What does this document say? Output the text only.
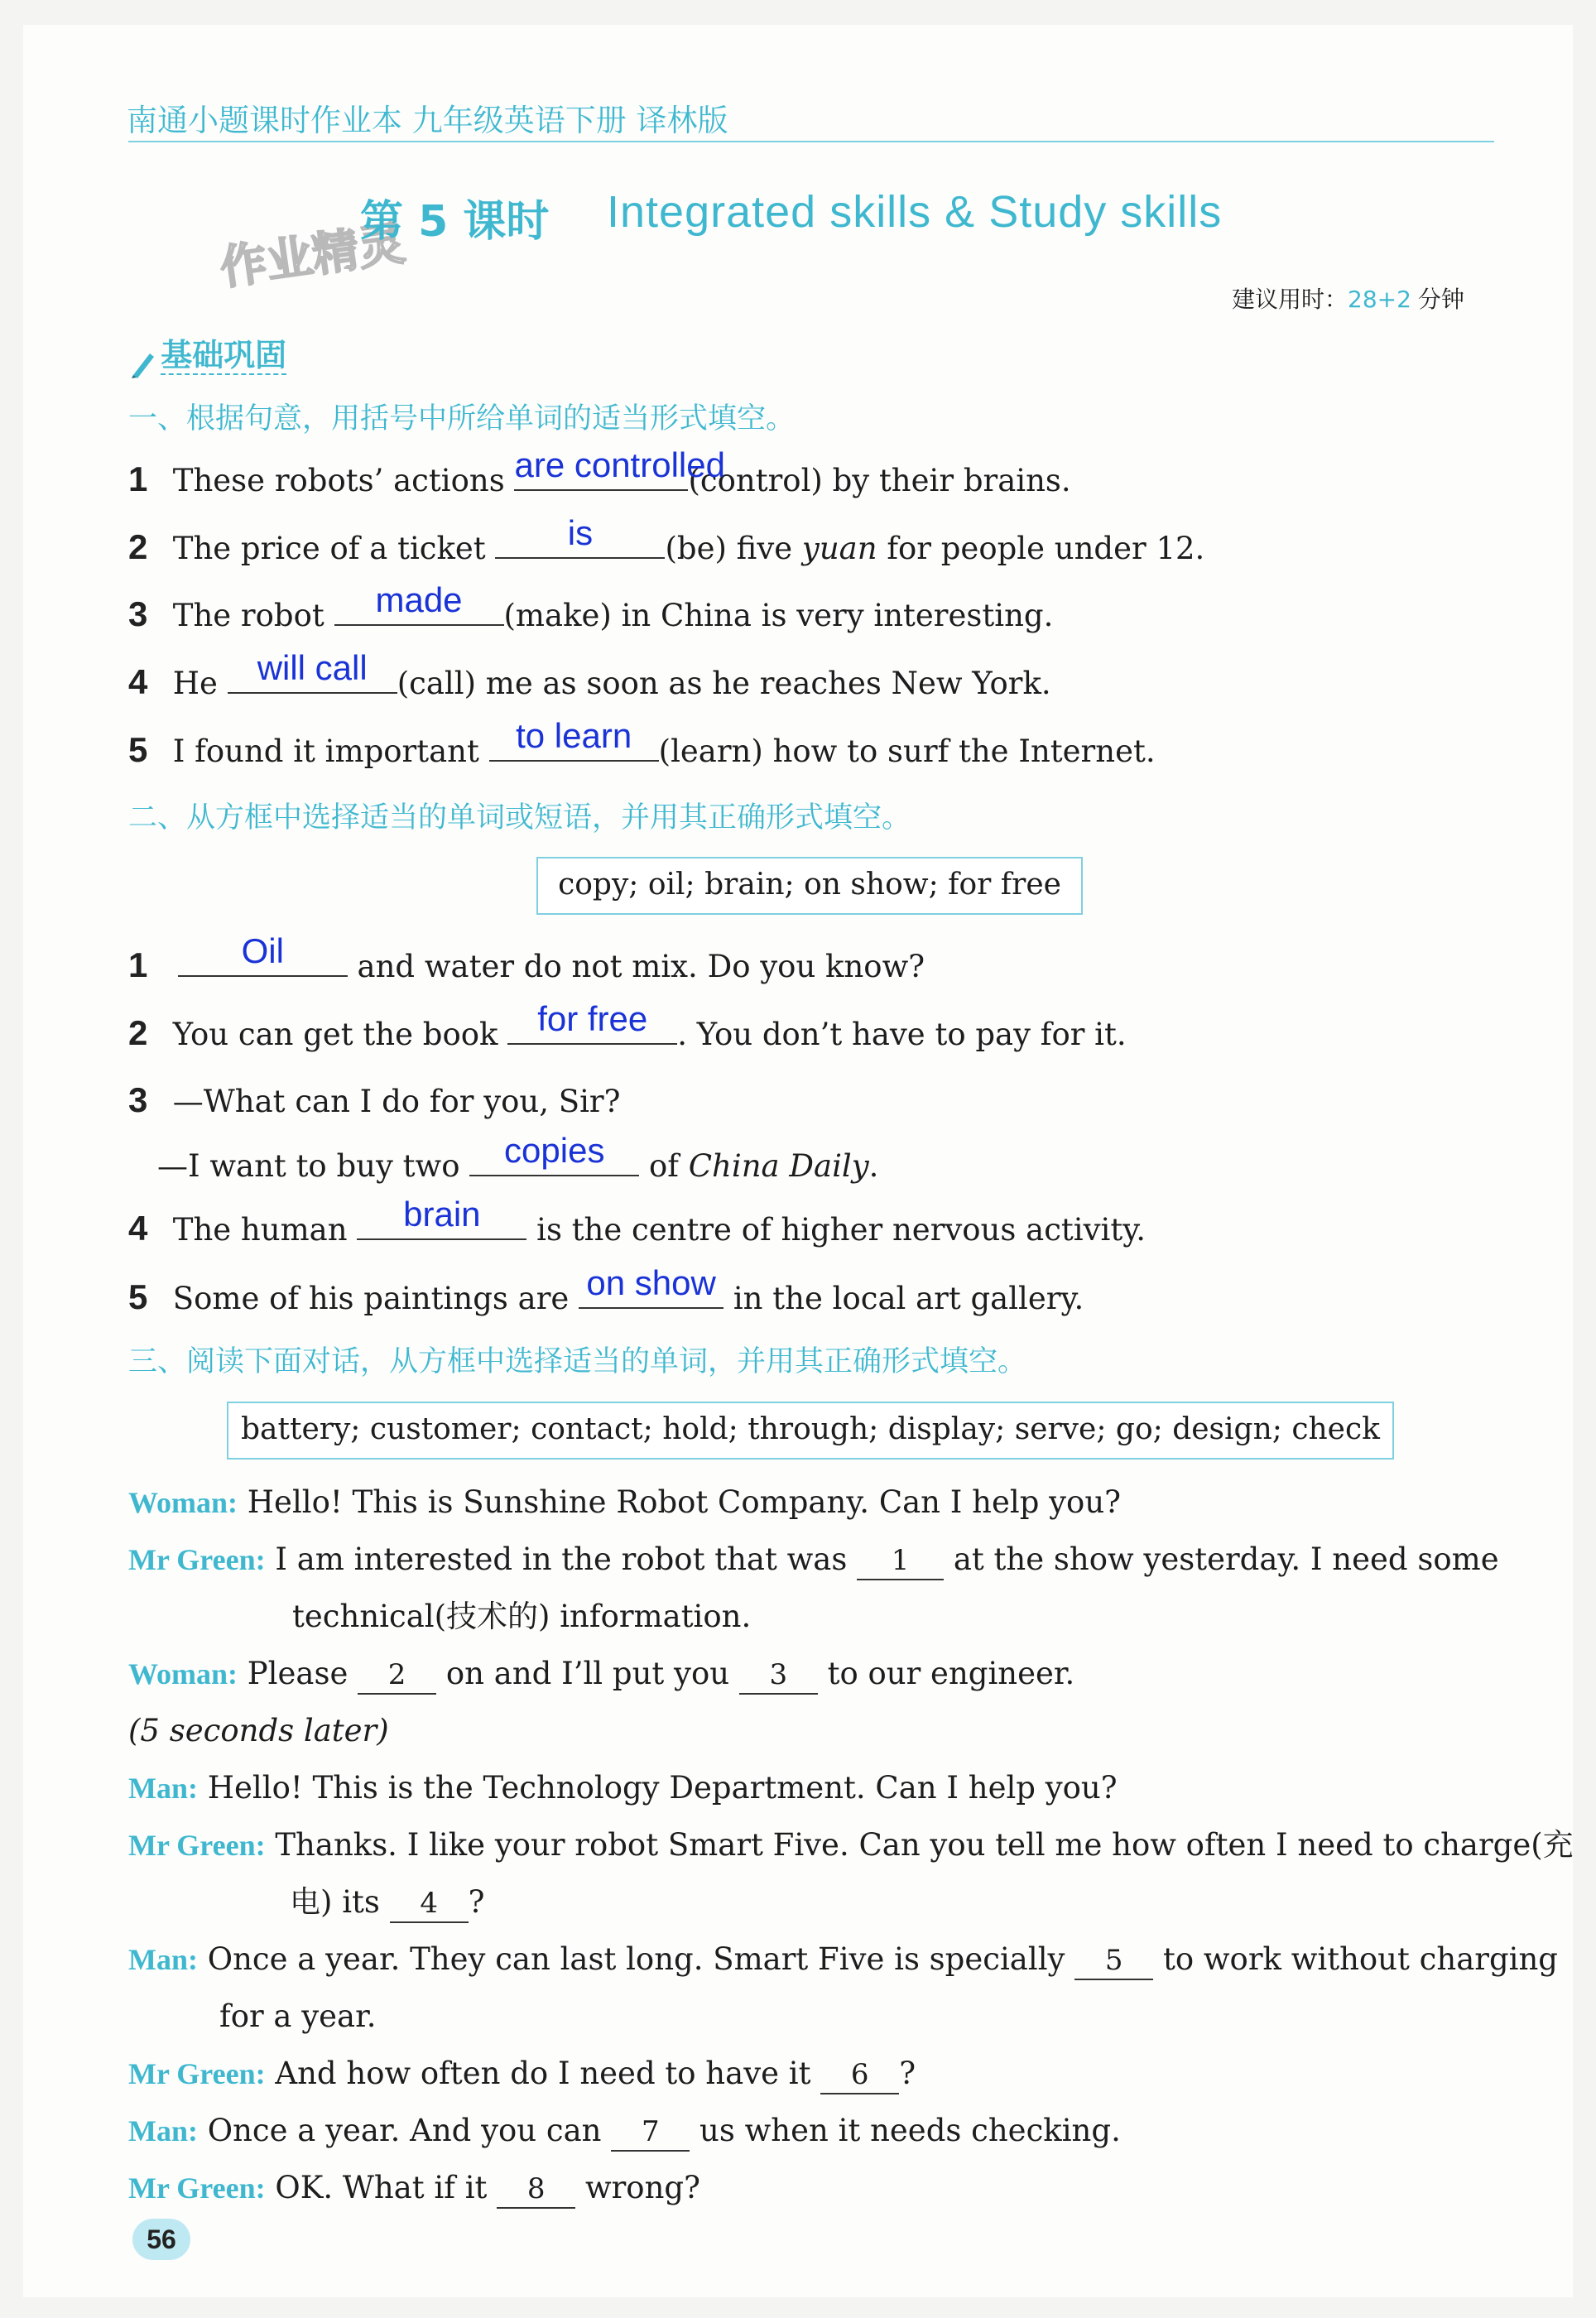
南通小题课时作业本 九年级英语下册 译林版
作业精灵
第 5 课时 Integrated skills & Study skills
建议用时：28+2 分钟
基础巩固
一、根据句意，用括号中所给单词的适当形式填空。
1 These robots’ actions are controlled
(control) by their brains.
2 The price of a ticket	is	(be) five yuan for people under 12.
3 The robot	made	(make) in China is very interesting.
4 He	will call (call) me as soon as he reaches New York.
5 I found it important	to learn (learn) how to surf the Internet.
二、从方框中选择适当的单词或短语，并用其正确形式填空。
copy; oil; brain; on show; for free
1	Oil	and water do not mix. Do you know?
2 You can get the book	for free . You don’t have to pay for it.
3 —What can I do for you, Sir?
—I want to buy two	copies	of China Daily.
4 The human	brain	is the centre of higher nervous activity.
5 Some of his paintings are on show in the local art gallery.
三、阅读下面对话，从方框中选择适当的单词，并用其正确形式填空。
battery; customer; contact; hold; through; display; serve; go; design; check
Woman: Hello! This is Sunshine Robot Company. Can I help you?
Mr Green: I am interested in the robot that was 1 at the show yesterday. I need some
technical(技术的) information.
Woman: Please 2 on and I’ll put you 3 to our engineer.
(5 seconds later)
Man: Hello! This is the Technology Department. Can I help you?
Mr Green: Thanks. I like your robot Smart Five. Can you tell me how often I need to charge(充
电) its 4 ?
Man: Once a year. They can last long. Smart Five is specially 5 to work without charging
for a year.
Mr Green: And how often do I need to have it 6 ?
Man: Once a year. And you can 7 us when it needs checking.
Mr Green: OK. What if it 8 wrong?
56
